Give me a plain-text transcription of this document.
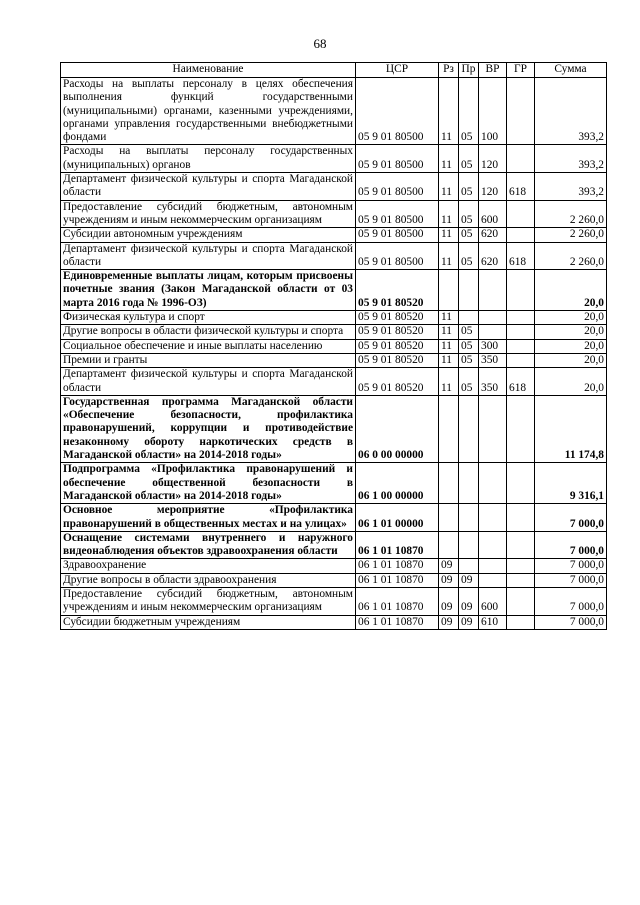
68
Наименование	ЦСР	Рз	Пр	ВР	ГР	Сумма
Расходы на выплаты персоналу в целях обеспечения выполнения функций государственными (муниципальными) органами, казенными учреждениями, органами управления государственными внебюджетными фондами	05 9 01 80500	11	05	100		393,2
Расходы на выплаты персоналу государственных (муниципальных) органов	05 9 01 80500	11	05	120		393,2
Департамент физической культуры и спорта Магаданской области	05 9 01 80500	11	05	120	618	393,2
Предоставление субсидий бюджетным, автономным учреждениям и иным некоммерческим организациям	05 9 01 80500	11	05	600		2 260,0
Субсидии автономным учреждениям	05 9 01 80500	11	05	620		2 260,0
Департамент физической культуры и спорта Магаданской области	05 9 01 80500	11	05	620	618	2 260,0
Единовременные выплаты лицам, которым присвоены почетные звания (Закон Магаданской области от 03 марта 2016 года № 1996-ОЗ)	05 9 01 80520					20,0
Физическая культура и спорт	05 9 01 80520	11				20,0
Другие вопросы в области физической культуры и спорта	05 9 01 80520	11	05			20,0
Социальное обеспечение и иные выплаты населению	05 9 01 80520	11	05	300		20,0
Премии и гранты	05 9 01 80520	11	05	350		20,0
Департамент физической культуры и спорта Магаданской области	05 9 01 80520	11	05	350	618	20,0
Государственная программа Магаданской области «Обеспечение безопасности, профилактика правонарушений, коррупции и противодействие незаконному обороту наркотических средств в Магаданской области» на 2014-2018 годы»	06 0 00 00000					11 174,8
Подпрограмма «Профилактика правонарушений и обеспечение общественной безопасности в Магаданской области» на 2014-2018 годы»	06 1 00 00000					9 316,1
Основное мероприятие «Профилактика правонарушений в общественных местах и на улицах»	06 1 01 00000					7 000,0
Оснащение системами внутреннего и наружного видеонаблюдения объектов здравоохранения области	06 1 01 10870					7 000,0
Здравоохранение	06 1 01 10870	09				7 000,0
Другие вопросы в области здравоохранения	06 1 01 10870	09	09			7 000,0
Предоставление субсидий бюджетным, автономным учреждениям и иным некоммерческим организациям	06 1 01 10870	09	09	600		7 000,0
Субсидии бюджетным учреждениям	06 1 01 10870	09	09	610		7 000,0
